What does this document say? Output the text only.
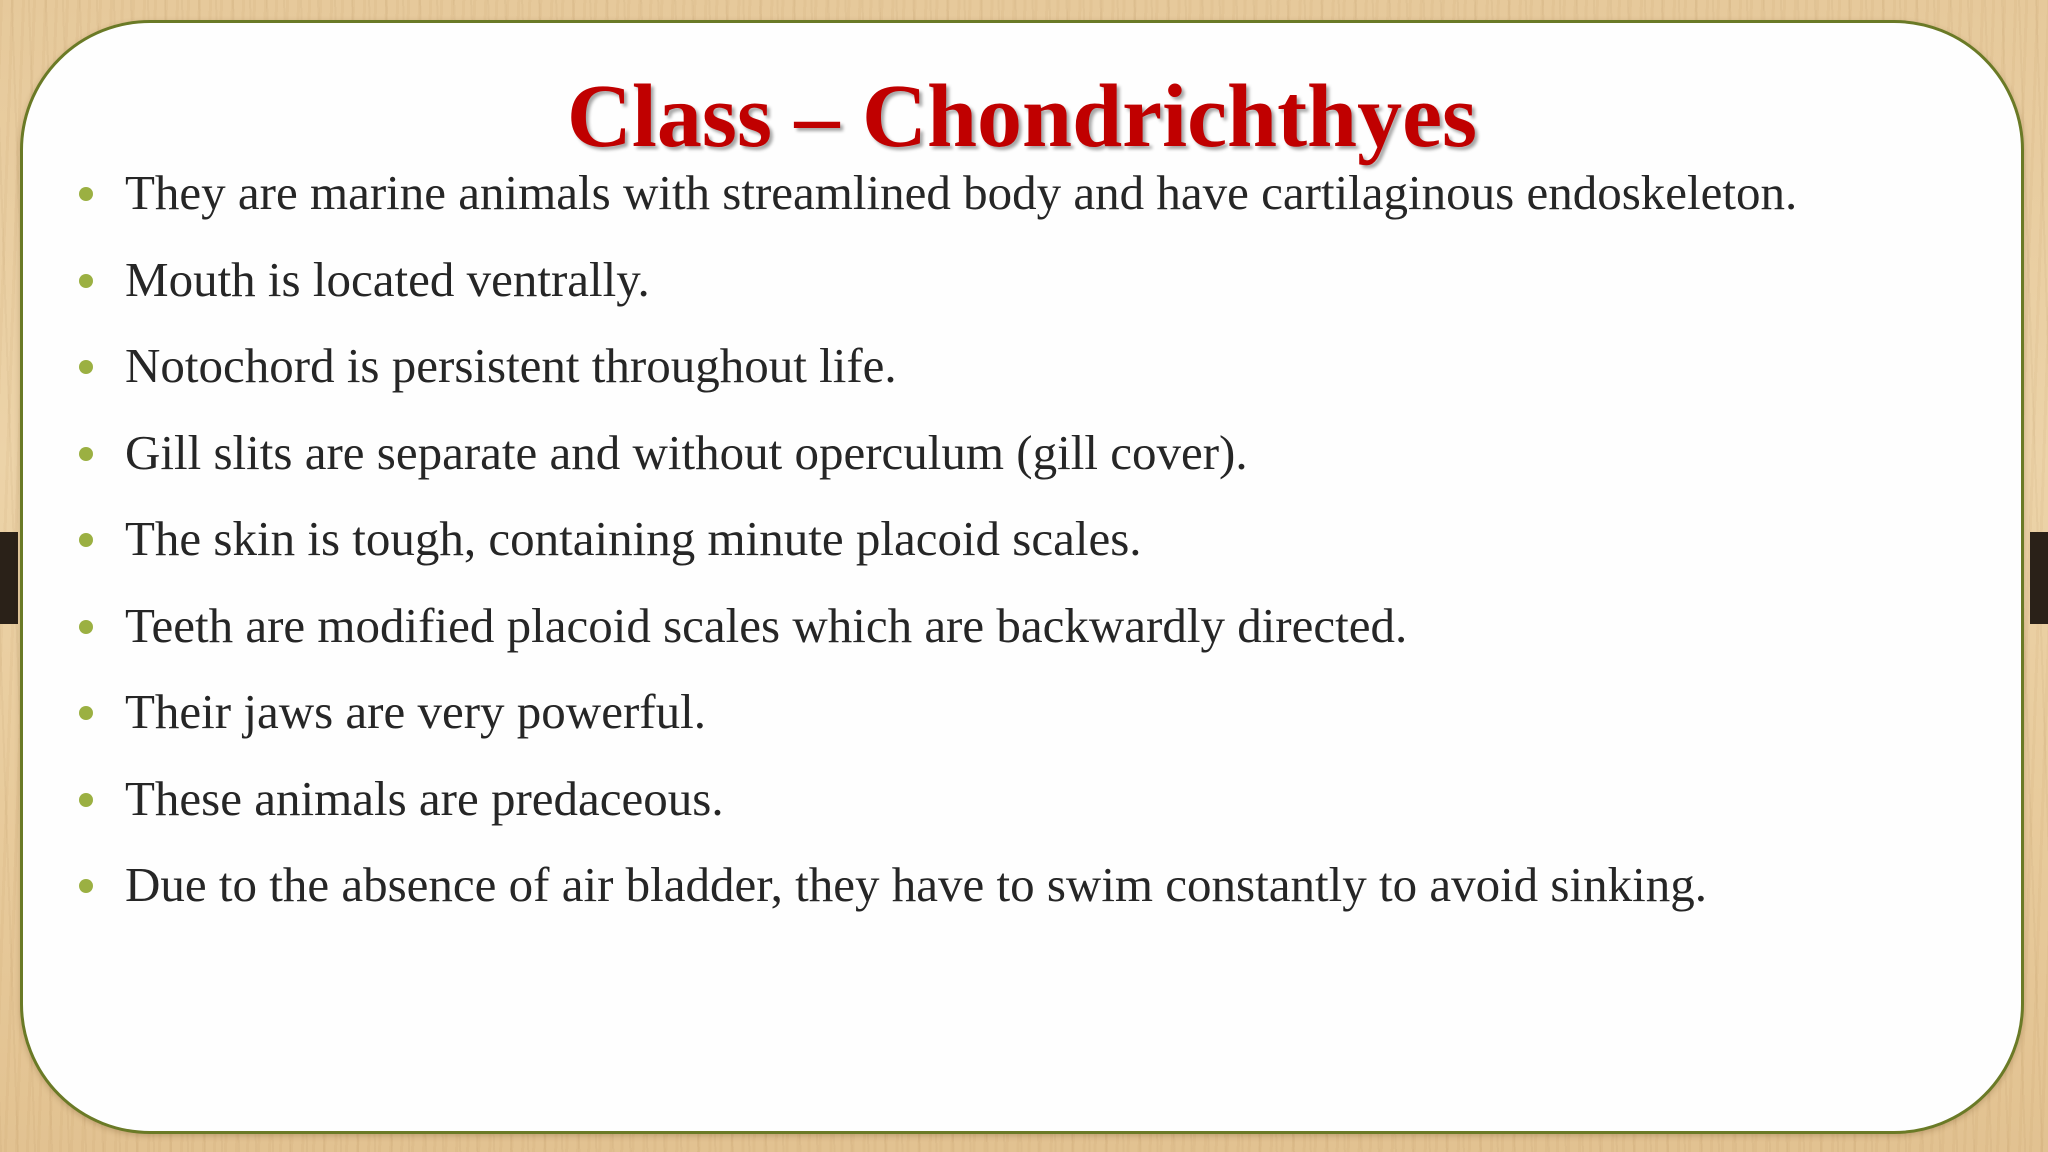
Class – Chondrichthyes
They are marine animals with streamlined body and have cartilaginous endoskeleton.
Mouth is located ventrally.
Notochord is persistent throughout life.
Gill slits are separate and without operculum (gill cover).
The skin is tough, containing minute placoid scales.
Teeth are modified placoid scales which are backwardly directed.
Their jaws are very powerful.
These animals are predaceous.
Due to the absence of air bladder, they have to swim constantly to avoid sinking.
